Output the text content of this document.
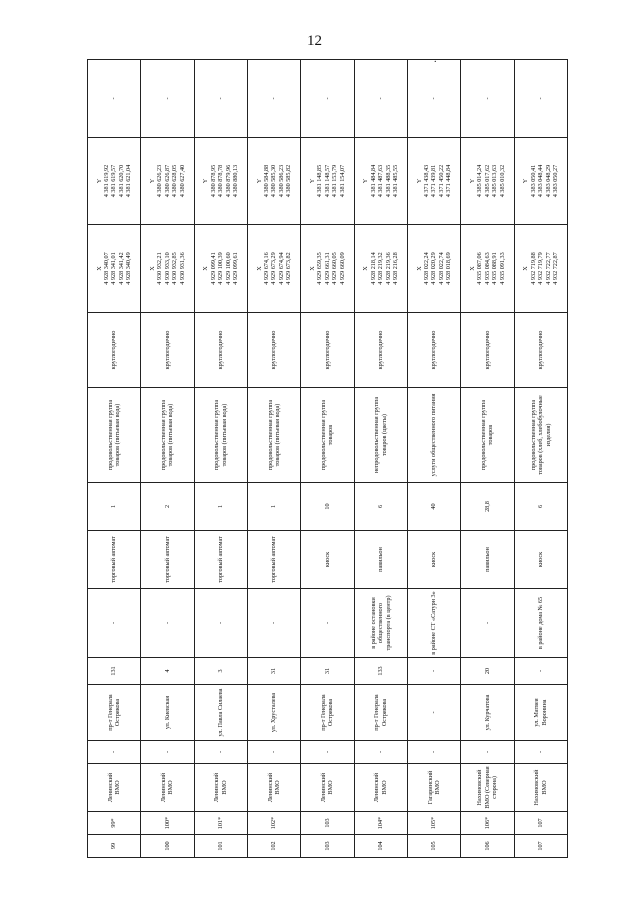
12
.
99	99*	Ленинский ВМО	-	пр-т Генерала Острякова	131	-	торговый автомат	1	продовольственная группа товаров (питьевая вода)	круглогодично	X 4 928 340,07 4 928 341,01 4 928 341,42 4 928 340,49	Y 4 381 619,92 4 381 619,57 4 381 620,70 4 381 621,04	-
100	100*	Ленинский ВМО	-	ул. Киевская	4	-	торговый автомат	2	продовольственная группа товаров (питьевая вода)	круглогодично	X 4 930 932,21 4 930 933,10 4 930 932,85 4 930 931,36	Y 4 380 626,23 4 380 626,87 4 380 628,05 4 380 627,40	-
101	101*	Ленинский ВМО	-	ул. Павла Силаева	3	-	торговый автомат	1	продовольственная группа товаров (питьевая вода)	круглогодично	X 4 929 099,41 4 929 100,39 4 929 100,60 4 929 099,61	Y 4 380 878,95 4 380 878,78 4 380 879,96 4 380 880,13	-
102	102*	Ленинский ВМО	-	ул. Хрусталева	31	-	торговый автомат	1	продовольственная группа товаров (питьевая вода)	круглогодично	X 4 929 674,16 4 929 673,29 4 929 674,94 4 929 673,82	Y 4 380 584,88 4 380 585,30 4 380 586,23 4 380 585,82	-
103	103	Ленинский ВМО	-	пр-т Генерала Острякова	31	-	киоск	10	продовольственная группа товаров	круглогодично	X 4 929 659,35 4 929 661,31 4 929 660,05 4 929 660,09	Y 4 381 148,85 4 381 148,57 4 381 153,79 4 381 154,07	-
104	104*	Ленинский ВМО	-	пр-т Генерала Острякова	133	в районе остановки общественного транспорта (в центр)	павильон	6	непродовольственная группа товаров (цветы)	круглогодично	X 4 928 218,14 4 928 219,32 4 928 219,36 4 928 216,28	Y 4 381 484,84 4 381 487,63 4 381 488,35 4 381 485,55	-
105	105*	Гагаринский ВМО	-	-	-	в районе СТ «Сатурн 3»	киоск	40	услуги общественного питания	круглогодично	X 4 928 022,24 4 928 020,29 4 928 022,74 4 928 018,69	Y 4 371 438,43 4 371 439,81 4 371 450,22 4 371 448,84	-
106	106*	Нахимовский ВМО (Северная сторона)	-	ул. Курчатова	20	-	павильон	28,8	продовольственная группа товаров	круглогодично	X 4 935 087,06 4 935 084,63 4 935 088,91 4 935 091,33	Y 4 385 014,24 4 385 017,62 4 385 013,63 4 385 010,32	-
107	107	Нахимовский ВМО	-	ул. Матвея Воронина	-	в районе дома № 65	киоск	6	продовольственная группа товаров (хлеб, хлебобулочные изделия)	круглогодично	X 4 932 719,88 4 932 719,79 4 932 722,77 4 932 722,87	Y 4 383 050,41 4 383 048,44 4 383 048,29 4 383 050,27	-
